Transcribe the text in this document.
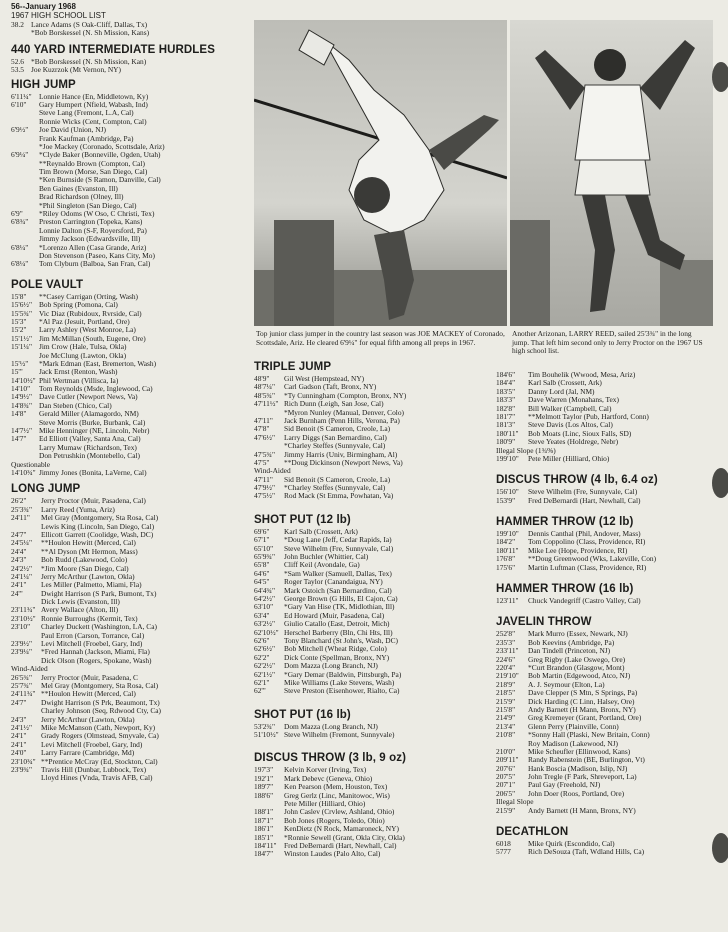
56--January 1968
1967 HIGH SCHOOL LIST
38.2 Lance Adams (S Oak-Cliff, Dallas, Tx)
*Bob Borskessel (N. Sh Mission, Kans)
440 YARD INTERMEDIATE HURDLES
52.6 *Bob Borskessel (N. Sh Mission, Kan)
53.5 Joe Kuzrzok (Mt Vernon, NY)
HIGH JUMP
6'11¼" Lonnie Hance (En, Middletown, Ky)
6'10"	Gary Humpert (Nfield, Wabash, Ind)
Steve Lang (Fremont, L.A, Cal)
Ronnie Wicks (Cent, Compton, Cal)
6'9½"	Joe David (Union, NJ)
Frank Kaufman (Ambridge, Pa)
*Joe Mackey (Coronado, Scottsdale, Ariz)
6'9¼"	*Clyde Baker (Bonneville, Ogden, Utah)
**Reynaldo Brown (Compton, Cal)
Tim Brown (Morse, San Diego, Cal)
*Ken Burnside (S Ramon, Danville, Cal)
Ben Gaines (Evanston, Ill)
Brad Richardson (Olney, Ill)
*Phil Singleton (San Diego, Cal)
6'9"	*Riley Odoms (W Oso, C Christi, Tex)
6'8¾"	Preston Carrington (Topeka, Kans)
Lonnie Dalton (S-F, Royersford, Pa)
Jimmy Jackson (Edwardsville, Ill)
6'8¼"	*Lorenzo Allen (Casa Grande, Ariz)
Don Stevenson (Paseo, Kans City, Mo)
6'8¼"	Tom Clyburn (Balboa, San Fran, Cal)
POLE VAULT
15'8"	**Casey Carrigan (Orting, Wash)
15'6½" Bob Spring (Pomona, Cal)
15'5¾" Vic Diaz (Rubidoux, Rvrside, Cal)
15'3"	*Al Paz (Jesuit, Portland, Ore)
15'2"	Larry Ashley (West Monroe, La)
15'1½" Jim McMillan (South, Eugene, Ore)
15'1¼" Jim Crow (Hale, Tulsa, Okla)
Joe McClung (Lawton, Okla)
15'½"	*Mark Edman (East, Bremerton, Wash)
15'"	Jack Ernst (Renton, Wash)
14'10½" Phil Wertman (Villisca, Ia)
14'10"	Tom Reynolds (Msde, Inglewood, Ca)
14'9½" Dave Cutler (Newport News, Va)
14'8¾" Dan Steben (Chico, Cal)
14'8"	Gerald Miller (Alamagordo, NM)
Steve Morris (Burke, Burbank, Cal)
14'7½" Mike Henninger (NE, Lincoln, Nebr)
14'7"	Ed Elliott (Valley, Santa Ana, Cal)
Larry Mumaw (Richardson, Tex)
Don Petrushkin (Montebello, Cal)
Questionable
14'10¾" Jimmy Jones (Bonita, LaVerne, Cal)
LONG JUMP
26'2"	Jerry Proctor (Muir, Pasadena, Cal)
25'3¾"	Larry Reed (Yuma, Ariz)
24'11"	Mel Gray (Montgomery, Sta Rosa, Cal)
Lewis King (Lincoln, San Diego, Cal)
24'7"	Ellicott Garrett (Coolidge, Wash, DC)
24'5¼"	**Houlon Hewitt (Merced, Cal)
24'4"	**Al Dyson (Mt Hermon, Mass)
24'3"	Bob Rudd (Lakewood, Colo)
24'2½"	*Jim Moore (San Diego, Cal)
24'1¼"	Jerry McArthur (Lawton, Okla)
24'1"	Les Miller (Palmetto, Miami, Fla)
24'"	Dwight Harrison (S Park, Bumont, Tx)
Dick Lewis (Evanston, Ill)
23'11¾" Avery Wallace (Alton, Ill)
23'10½" Ronnie Burroughs (Kermit, Tex)
23'10"	Charley Duckett (Washington, LA, Ca)
Paul Erron (Carson, Torrance, Cal)
23'9½"	Levi Mitchell (Froebel, Gary, Ind)
23'9¼"	*Fred Hannah (Jackson, Miami, Fla)
Dick Olson (Rogers, Spokane, Wash)
Wind-Aided
26'5¾"	Jerry Proctor (Muir, Pasadena, C
25'7¾"	Mel Gray (Montgomery, Sta Rosa, Cal)
24'11¾" **Houlon Hewitt (Merced, Cal)
24'7"	Dwight Harrison (S Prk, Beaumont, Tx)
Charley Johnson (Seq, Rdwood Cty, Ca)
24'3"	Jerry McArthur (Lawton, Okla)
24'1½"	Mike McManson (Cath, Newport, Ky)
24'1"	Grady Rogers (Olmstead, Smyvale, Ca)
24'1"	Levi Mitchell (Froebel, Gary, Ind)
24'0"	Larry Farrare (Cambridge, Md)
23'10¾" **Prentice McCray (Ed, Stockton, Cal)
23'9¾"	Travis Hill (Dunbar, Lubbock, Tex)
Lloyd Hines (Vnda, Travis AFB, Cal)
Top junior class jumper in the country last season was JOE MACKEY of Coronado, Scottsdale, Ariz. He cleared 6'9¼" for equal fifth among all preps in 1967.
Another Arizonan, LARRY REED, sailed 25'3¾" in the long jump. That left him second only to Jerry Proctor on the 1967 US high school list.
TRIPLE JUMP
48'9"	Gil West (Hempstead, NY)
48'7¼"	Carl Gadson (Taft, Bronx, NY)
48'5¾"	*Ty Cunningham (Compton, Bronx, NY)
47'11½" Rich Dunn (Leigh, San Jose, Cal)
*Myron Nunley (Manual, Denver, Colo)
47'11"	Jack Burnham (Penn Hills, Verona, Pa)
47'8"	Sid Benoit (S Cameron, Creole, La)
47'6½"	Larry Diggs (San Bernardino, Cal)
*Charley Steffes (Sunnyvale, Cal)
47'5¾"	Jimmy Harris (Univ, Birmingham, Al)
47'5"	**Doug Dickinson (Newport News, Va)
Wind-Aided
47'11"	Sid Benoit (S Cameron, Creole, La)
47'9½"	*Charley Steffes (Sunnyvale, Cal)
47'5½"	Rod Mack (St Emma, Powhatan, Va)
SHOT PUT (12 lb)
69'6"	Karl Salb (Crossett, Ark)
67'1"	*Doug Lane (Jeff, Cedar Rapids, Ia)
65'10"	Steve Wilhelm (Fre, Sunnyvale, Cal)
65'9¾"	John Buchler (Whittier, Cal)
65'8"	Cliff Keil (Avondale, Ga)
64'6"	*Sam Walker (Samuell, Dallas, Tex)
64'5"	Roger Taylor (Canandaigua, NY)
64'4¾"	Mark Ostoich (San Bernardino, Cal)
64'2½"	George Brown (G Hills, El Cajon, Ca)
63'10"	*Gary Van Hise (TK, Midlothian, Ill)
63'4"	Ed Howard (Muir, Pasadena, Cal)
63'2½"	Giulio Catallo (East, Detroit, Mich)
62'10½" Herschel Barberry (Bln, Chi Hts, Ill)
62'6"	Tony Blanchard (St John's, Wash, DC)
62'6½"	Bob Mitchell (Wheat Ridge, Colo)
62'2"	Dick Conte (Spellman, Bronx, NY)
62'2½"	Dom Mazza (Long Branch, NJ)
62'1½"	*Gary Demar (Baldwin, Pittsburgh, Pa)
62'1"	Mike Williams (Lake Stevens, Wash)
62'"	Steve Preston (Eisenhower, Rialto, Ca)
SHOT PUT (16 lb)
53'2¾"	Dom Mazza (Long Branch, NJ)
51'10½" Steve Wilhelm (Fremont, Sunnyvale)
DISCUS THROW (3 lb, 9 oz)
197'3"	Kelvin Korver (Irving, Tex)
192'1"	Mark Debevc (Geneva, Ohio)
189'7"	Ken Pearson (Mem, Houston, Tex)
188'6"	Greg Gerlz (Linc, Manitowoc, Wis)
Pete Miller (Hilliard, Ohio)
188'1"	John Caslev (Crvlew, Ashland, Ohio)
187'1"	Bob Jones (Rogers, Toledo, Ohio)
186'1"	KenDietz (N Rock, Mamaroneck, NY)
185'1"	*Ronnie Sewell (Grant, Okla City, Okla)
184'11"	Fred DeBernardi (Hart, Newhall, Cal)
184'7"	Winston Laudes (Palo Alto, Cal)
184'6"	Tim Bouhelik (Wwood, Mesa, Ariz)
184'4"	Karl Salb (Crossett, Ark)
183'5"	Danny Lord (Jal, NM)
183'3"	Dave Warren (Monahans, Tex)
182'8"	Bill Walker (Campbell, Cal)
181'7"	**Melmott Taylor (Pub, Hartford, Conn)
181'3"	Steve Davis (Los Altos, Cal)
180'11"	Bob Moats (Linc, Sioux Falls, SD)
180'9"	Steve Yeates (Holdrege, Nebr)
Illegal Slope (1¾%)
199'10"	Pete Miller (Hilliard, Ohio)
DISCUS THROW (4 lb, 6.4 oz)
156'10"	Steve Wilhelm (Fre, Sunnyvale, Cal)
153'9"	Fred DeBernardi (Hart, Newhall, Cal)
HAMMER THROW (12 lb)
199'10"	Dennis Canthal (Phil, Andover, Mass)
184'2"	Tom Coppolino (Class, Providence, RI)
180'11"	Mike Lee (Hope, Providence, RI)
176'8"	**Doug Greenwood (Wks, Lakeville, Con)
175'6"	Martin Luftman (Class, Providence, RI)
HAMMER THROW (16 lb)
123'11"	Chuck Vandegriff (Castro Valley, Cal)
JAVELIN THROW
252'8"	Mark Murro (Essex, Newark, NJ)
235'3"	Bob Keevins (Ambridge, Pa)
233'11"	Dan Tindell (Princeton, NJ)
224'6"	Greg Rigby (Lake Oswego, Ore)
220'4"	*Curt Brandon (Glasgow, Mont)
219'10"	Bob Martin (Edgewood, Atco, NJ)
218'9"	A. J. Seymour (Elton, La)
218'5"	Dave Clepper (S Mtn, S Springs, Pa)
215'9"	Dick Harding (C Linn, Halsey, Ore)
215'8"	Andy Barnett (H Mann, Bronx, NY)
214'9"	Greg Kremeyer (Grant, Portland, Ore)
213'4"	Glenn Perry (Plainville, Conn)
210'8"	*Sonny Hall (Plaski, New Britain, Conn)
Roy Madison (Lakewood, NJ)
210'0"	Mike Scheufler (Ellinwood, Kans)
209'11"	Randy Rabenstein (BE, Burlington, Vt)
207'6"	Hank Boscia (Madison, Islip, NJ)
207'5"	John Tregle (F Park, Shreveport, La)
207'1"	Paul Gay (Freehold, NJ)
206'5"	John Doer (Roos, Portland, Ore)
Illegal Slope
215'9"	Andy Barnett (H Mann, Bronx, NY)
DECATHLON
6018	Mike Quirk (Escondido, Cal)
5777	Rich DeSouza (Taft, Wdland Hills, Ca)
